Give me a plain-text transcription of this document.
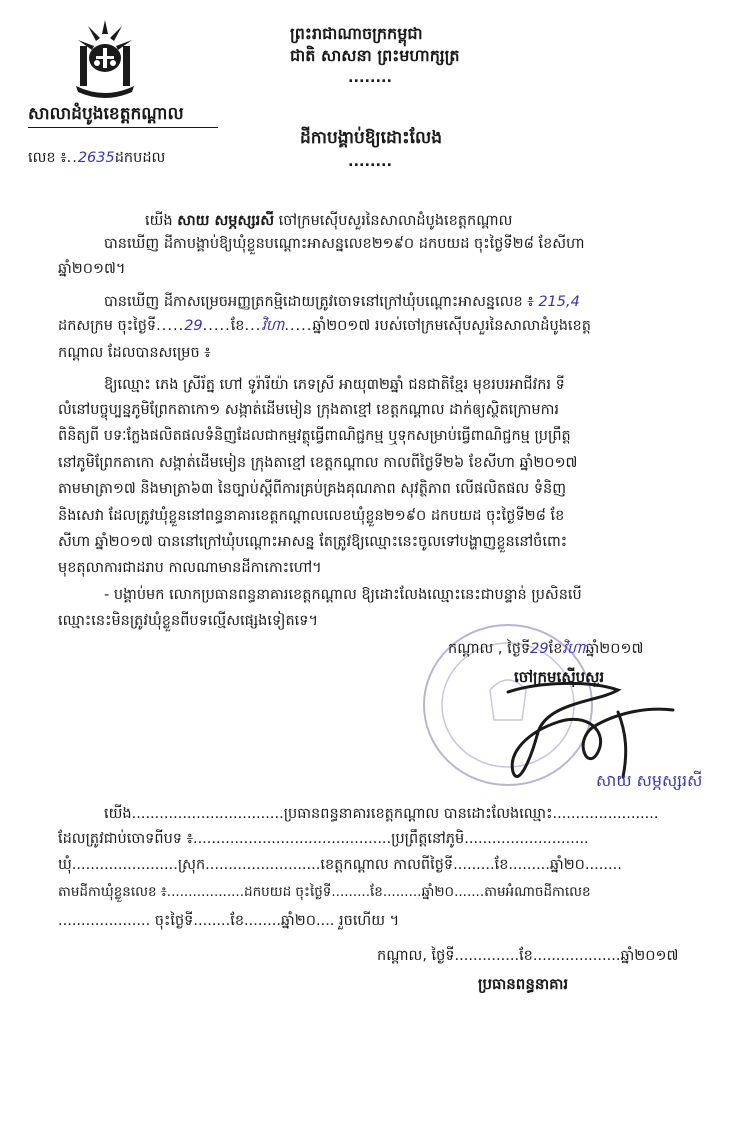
សាលាដំបូងខេត្តកណ្តាល
លេខ ៖..2635ដកបដល
ព្រះរាជាណាចក្រកម្ពុជា
ជាតិ សាសនា ព្រះមហាក្សត្រ
........
ដីកាបង្គាប់ឱ្យដោះលែង
........
យើង សាយ សម្ភស្សរសី ចៅក្រមស៊ើបសួរនៃសាលាដំបូងខេត្តកណ្តាល
បានឃើញ ដីកាបង្គាប់ឱ្យឃុំខ្លួនបណ្តោះអាសន្នលេខ២១៩០ ដកបយដ ចុះថ្ងៃទី២៨ ខែសីហា
ឆ្នាំ២០១៧។
បានឃើញ ដីកាសម្រេចអញ្ញត្រកម្មិដោយត្រូវចោទនៅក្រៅឃុំបណ្តោះអាសន្នលេខ ៖ 215,4
ដកសក្រម ចុះថ្ងៃទី.....29.....ខែ...វិហា.....ឆ្នាំ២០១៧ របស់ចៅក្រមស៊ើបសួរនៃសាលាដំបូងខេត្ត
កណ្តាល ដែលបានសម្រេច ៖
ឱ្យឈ្មោះ ភេង ស្រីរ័ត្ន ហៅ ទូរ៉ារីយ៉ា ភេទស្រី អាយុ៣២ឆ្នាំ ជនជាតិខ្មែរ មុខរបរអាជីវករ ទី
លំនៅបច្ចុប្បន្នភូមិព្រែកតាកោ១ សង្កាត់ដើមមៀន ក្រុងតាខ្មៅ ខេត្តកណ្តាល ដាក់ឲ្យស្ថិតក្រោមការ
ពិនិត្យពី បទៈក្លែងផលិតផលទំនិញដែលជាកម្មវត្ថុធ្វើពាណិជ្ជកម្ម ឬទុកសម្រាប់ធ្វើពាណិជ្ជកម្ម ប្រព្រឹត្ត
នៅភូមិព្រែកតាកោ សង្កាត់ដើមមៀន ក្រុងតាខ្មៅ ខេត្តកណ្តាល កាលពីថ្ងៃទី២៦ ខែសីហា ឆ្នាំ២០១៧
តាមមាត្រា១៧ និងមាត្រា៦៣ នៃច្បាប់ស្តីពីការគ្រប់គ្រងគុណភាព សុវត្ថិភាព លើផលិតផល ទំនិញ
និងសេវា ដែលត្រូវឃុំខ្លួននៅពន្ធនាគារខេត្តកណ្តាលលេខឃុំខ្លួន២១៩០ ដកបយដ ចុះថ្ងៃទី២៨ ខែ
សីហា ឆ្នាំ២០១៧ បាននៅក្រៅឃុំបណ្តោះអាសន្ន តែត្រូវឱ្យឈ្មោះនេះចូលទៅបង្ហាញខ្លួននៅចំពោះ
មុខតុលាការជាដរាប កាលណាមានដីកាកោះហៅ។
- បង្គាប់មក លោកប្រធានពន្ធនាគារខេត្តកណ្តាល ឱ្យដោះលែងឈ្មោះនេះជាបន្ទាន់ ប្រសិនបើ
ឈ្មោះនេះមិនត្រូវឃុំខ្លួនពីបទល្មើសផ្សេងទៀតទេ។
កណ្តាល , ថ្ងៃទី29ខែវិហាឆ្នាំ២០១៧
ចៅក្រមស៊ើបសួរ
សាយ សម្ភស្សរសី
យើង.................................ប្រធានពន្ធនាគារខេត្តកណ្តាល បានដោះលែងឈ្មោះ.......................
ដែលត្រូវជាប់ចោទពីបទ ៖...........................................ប្រព្រឹត្តនៅភូមិ...........................
ឃុំ.......................ស្រុក.........................ខេត្តកណ្តាល កាលពីថ្ងៃទី.........ខែ.........ឆ្នាំ២០........
តាមដីកាឃុំខ្លួនលេខ ៖..................ដកបយដ ចុះថ្ងៃទី.........ខែ.........ឆ្នាំ២០.......តាមអំណាចដីកាលេខ
.................... ចុះថ្ងៃទី........ខែ........ឆ្នាំ២០.... រួចហើយ ។
កណ្តាល, ថ្ងៃទី..............ខែ...................ឆ្នាំ២០១៧
ប្រធានពន្ធនាគារ
